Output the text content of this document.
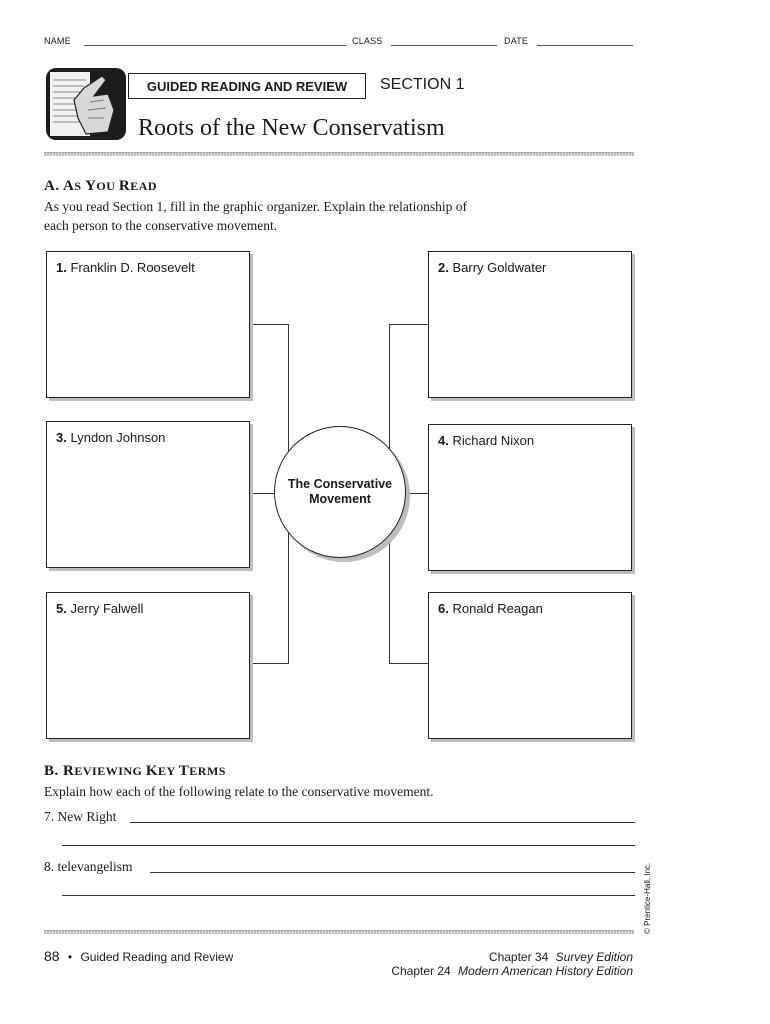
NAME	CLASS	DATE
GUIDED READING AND REVIEW SECTION 1
Roots of the New Conservatism
A. AS YOU READ
As you read Section 1, fill in the graphic organizer. Explain the relationship of
each person to the conservative movement.
1. Franklin D. Roosevelt	2. Barry Goldwater
3. Lyndon Johnson	4. Richard Nixon
5. Jerry Falwell	6. Ronald Reagan
The Conservative Movement
B. REVIEWING KEY TERMS
Explain how each of the following relate to the conservative movement.
7. New Right
8. televangelism	© Prentice-Hall, Inc.
88 • Guided Reading and Review	Chapter 34 Survey Edition
Chapter 24 Modern American History Edition
